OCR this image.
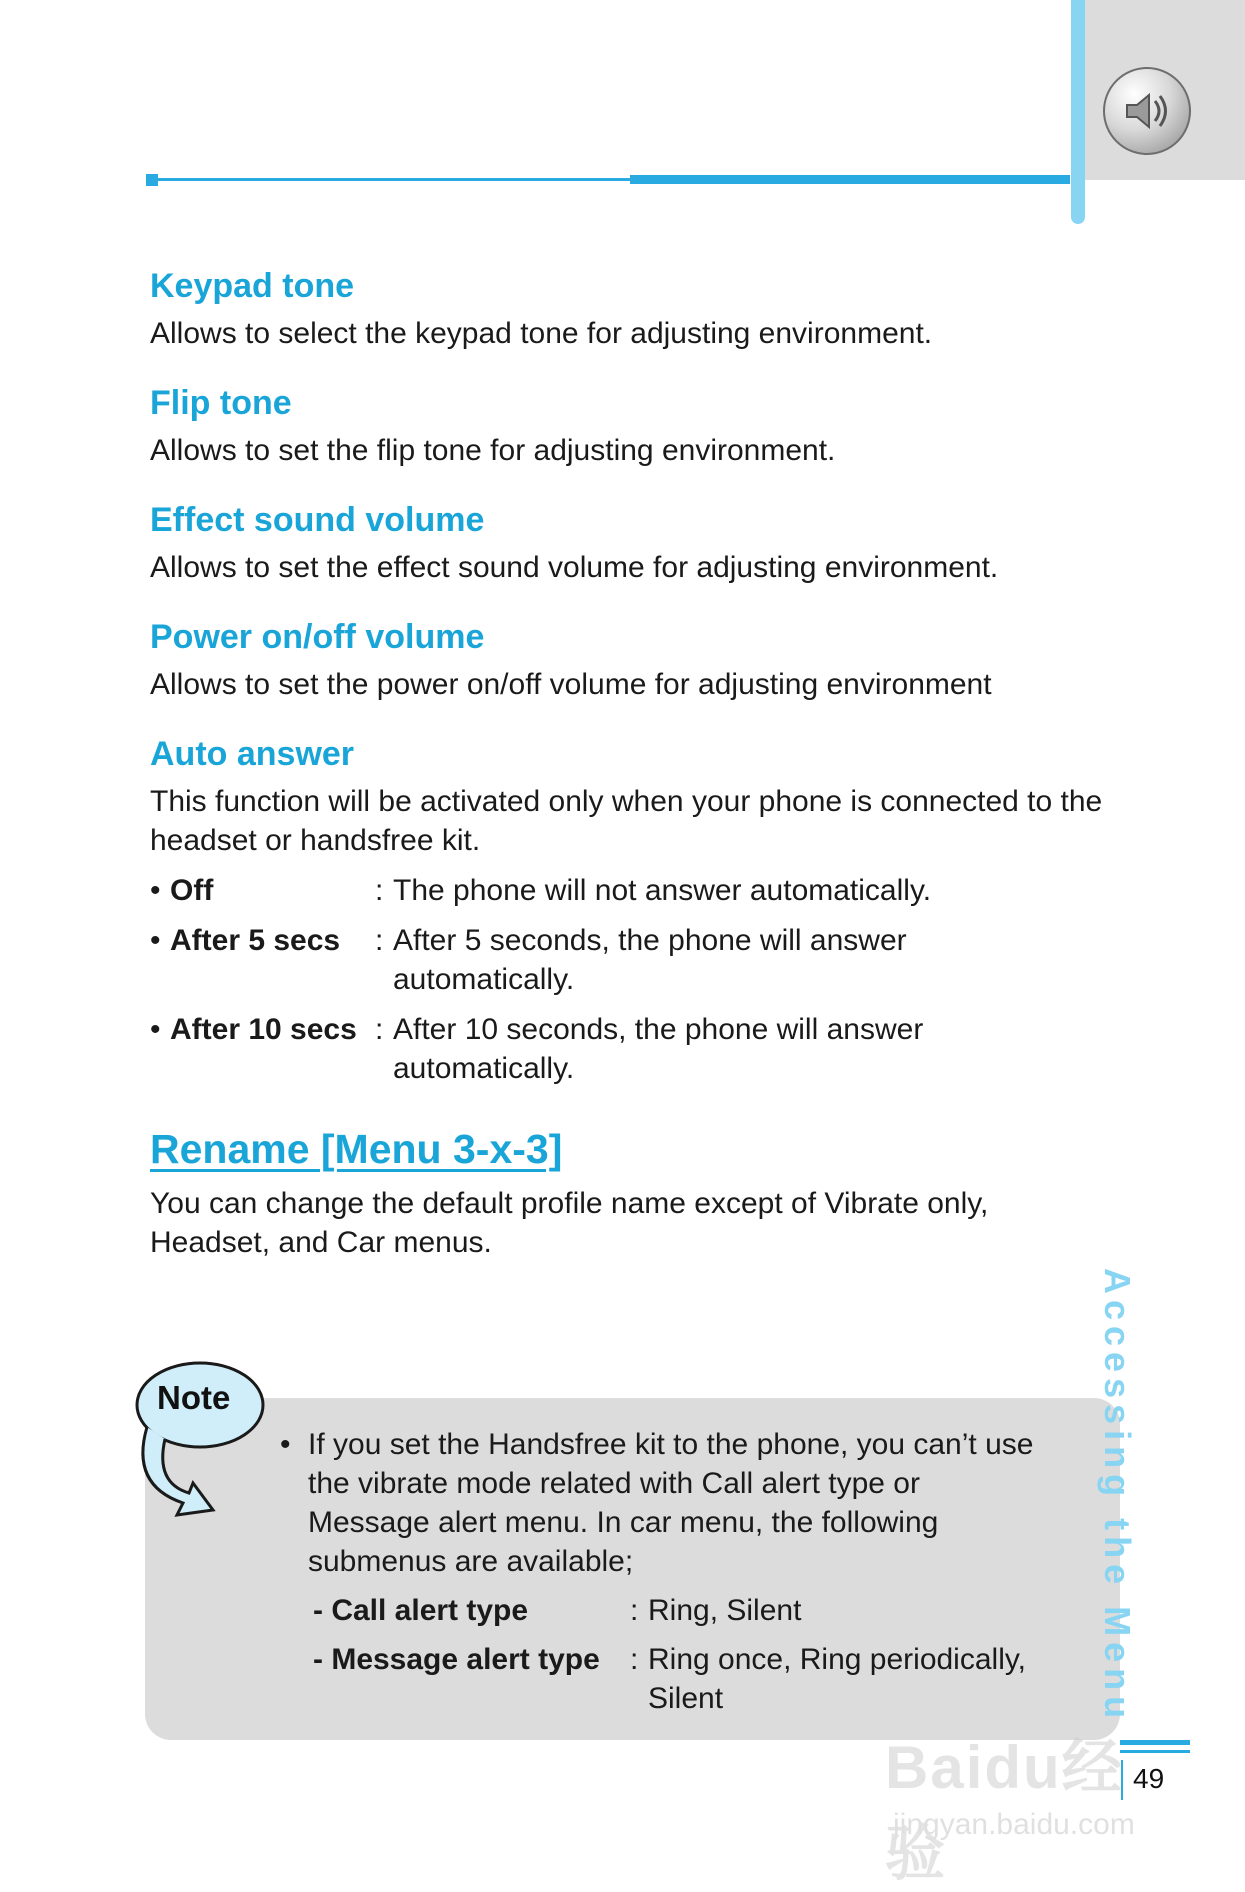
Keypad tone

Allows to select the keypad tone for adjusting environment.

Flip tone

Allows to set the flip tone for adjusting environment.

Effect sound volume

Allows to set the effect sound volume for adjusting environment.

Power on/off volume

Allows to set the power on/off volume for adjusting environment

Auto answer

This function will be activated only when your phone is connected to the headset or handsfree kit.

• Off	: The phone will not answer automatically.
• After 5 secs	: After 5 seconds, the phone will answer automatically.
• After 10 secs : After 10 seconds, the phone will answer automatically.
Rename [Menu 3-x-3]

You can change the default profile name except of Vibrate only, Headset, and Car menus.

Note
• If you set the Handsfree kit to the phone, you can’t use the vibrate mode related with Call alert type or Message alert menu. In car menu, the following submenus are available;
- Call alert type	: Ring, Silent
- Message alert type	: Ring once, Ring periodically, Silent	Accessing the Menu
49
Baidu经验
jingyan.baidu.com
